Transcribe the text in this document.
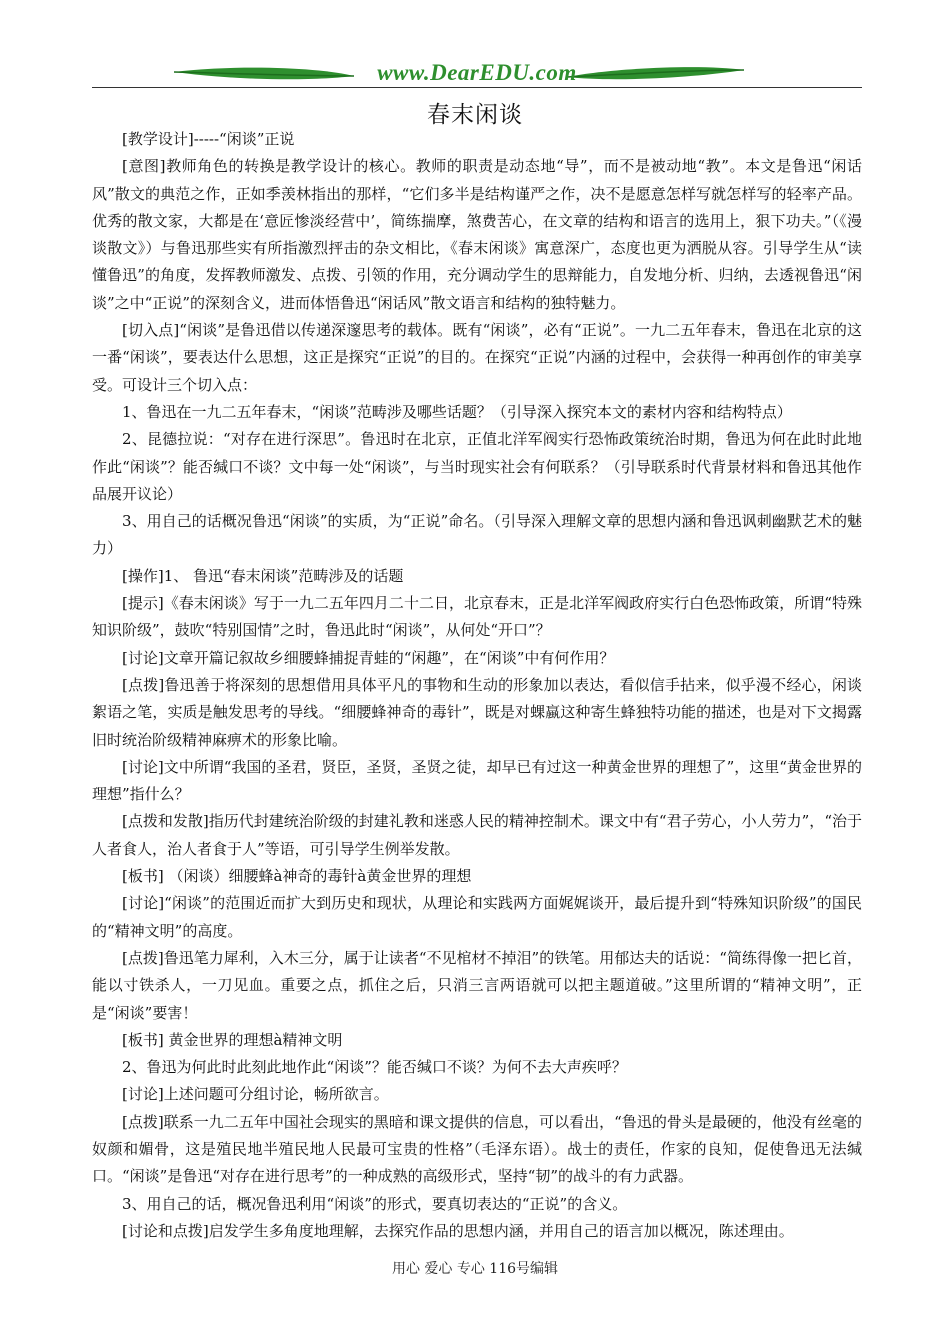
www.DearEDU.com
春末闲谈

[教学设计]-----“闲谈”正说

[意图]教师角色的转换是教学设计的核心。教师的职责是动态地“导”，而不是被动地“教”。本文是鲁迅“闲话风”散文的典范之作，正如季羡林指出的那样，“它们多半是结构谨严之作，决不是愿意怎样写就怎样写的轻率产品。优秀的散文家，大都是在‘意匠惨淡经营中’，简练揣摩，煞费苦心，在文章的结构和语言的选用上，狠下功夫。”（《漫谈散文》）与鲁迅那些实有所指激烈抨击的杂文相比，《春末闲谈》寓意深广，态度也更为洒脱从容。引导学生从“读懂鲁迅”的角度，发挥教师激发、点拨、引领的作用，充分调动学生的思辩能力，自发地分析、归纳，去透视鲁迅“闲谈”之中“正说”的深刻含义，进而体悟鲁迅“闲话风”散文语言和结构的独特魅力。

[切入点]“闲谈”是鲁迅借以传递深邃思考的载体。既有“闲谈”，必有“正说”。一九二五年春末，鲁迅在北京的这一番“闲谈”，要表达什么思想，这正是探究“正说”的目的。在探究“正说”内涵的过程中，会获得一种再创作的审美享受。可设计三个切入点：

1、鲁迅在一九二五年春末，“闲谈”范畴涉及哪些话题？（引导深入探究本文的素材内容和结构特点）

2、昆德拉说：“对存在进行深思”。鲁迅时在北京，正值北洋军阀实行恐怖政策统治时期，鲁迅为何在此时此地作此“闲谈”？能否缄口不谈？文中每一处“闲谈”，与当时现实社会有何联系？（引导联系时代背景材料和鲁迅其他作品展开议论）

3、用自己的话概况鲁迅“闲谈”的实质，为“正说”命名。（引导深入理解文章的思想内涵和鲁迅讽刺幽默艺术的魅力）

[操作]1、 鲁迅“春末闲谈”范畴涉及的话题

[提示]《春末闲谈》写于一九二五年四月二十二日，北京春末，正是北洋军阀政府实行白色恐怖政策，所谓“特殊知识阶级”，鼓吹“特别国情”之时，鲁迅此时“闲谈”，从何处“开口”？

[讨论]文章开篇记叙故乡细腰蜂捕捉青蛙的“闲趣”，在“闲谈”中有何作用？

[点拨]鲁迅善于将深刻的思想借用具体平凡的事物和生动的形象加以表达，看似信手拈来，似乎漫不经心，闲谈絮语之笔，实质是触发思考的导线。“细腰蜂神奇的毒针”，既是对蜾蠃这种寄生蜂独特功能的描述，也是对下文揭露旧时统治阶级精神麻痹术的形象比喻。

[讨论]文中所谓“我国的圣君，贤臣，圣贤，圣贤之徒，却早已有过这一种黄金世界的理想了”，这里“黄金世界的理想”指什么？

[点拨和发散]指历代封建统治阶级的封建礼教和迷惑人民的精神控制术。课文中有“君子劳心，小人劳力”，“治于人者食人，治人者食于人”等语，可引导学生例举发散。

[板书] （闲谈）细腰蜂à神奇的毒针à黄金世界的理想

[讨论]“闲谈”的范围近而扩大到历史和现状，从理论和实践两方面娓娓谈开，最后提升到“特殊知识阶级”的国民的“精神文明”的高度。

[点拨]鲁迅笔力犀利，入木三分，属于让读者“不见棺材不掉泪”的铁笔。用郁达夫的话说：“简练得像一把匕首，能以寸铁杀人，一刀见血。重要之点，抓住之后，只消三言两语就可以把主题道破。”这里所谓的“精神文明”，正是“闲谈”要害！

[板书] 黄金世界的理想à精神文明

2、鲁迅为何此时此刻此地作此“闲谈”？能否缄口不谈？为何不去大声疾呼？

[讨论]上述问题可分组讨论，畅所欲言。

[点拨]联系一九二五年中国社会现实的黑暗和课文提供的信息，可以看出，“鲁迅的骨头是最硬的，他没有丝毫的奴颜和媚骨，这是殖民地半殖民地人民最可宝贵的性格”（毛泽东语）。战士的责任，作家的良知，促使鲁迅无法缄口。“闲谈”是鲁迅“对存在进行思考”的一种成熟的高级形式，坚持“韧”的战斗的有力武器。

3、用自己的话，概况鲁迅利用“闲谈”的形式，要真切表达的“正说”的含义。

[讨论和点拨]启发学生多角度地理解，去探究作品的思想内涵，并用自己的语言加以概况，陈述理由。

用心 爱心 专心 116号编辑
